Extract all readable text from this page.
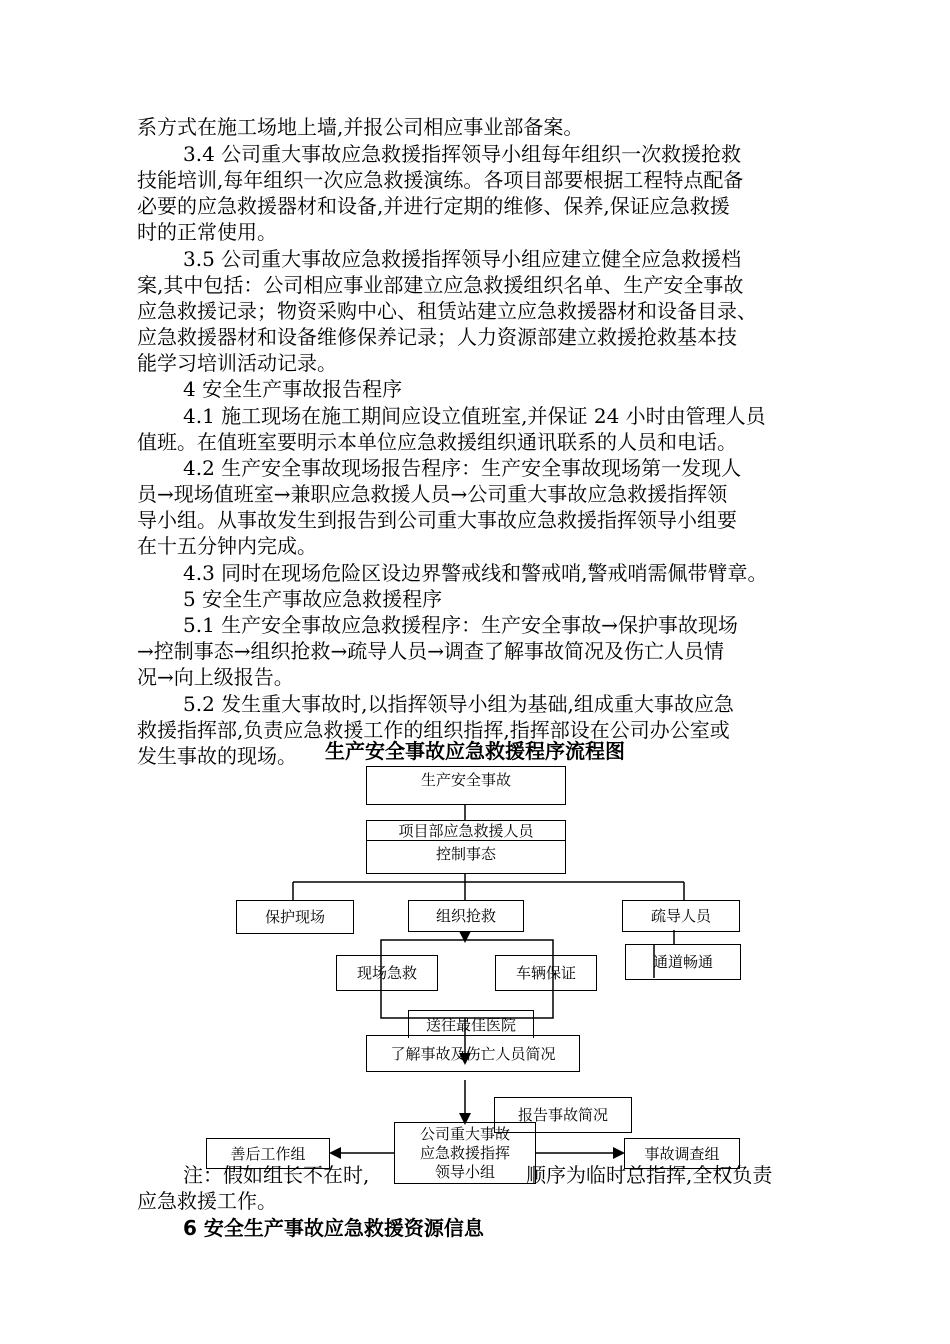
系方式在施工场地上墙,并报公司相应事业部备案。
3.4 公司重大事故应急救援指挥领导小组每年组织一次救援抢救
技能培训,每年组织一次应急救援演练。各项目部要根据工程特点配备
必要的应急救援器材和设备,并进行定期的维修、保养,保证应急救援
时的正常使用。
3.5 公司重大事故应急救援指挥领导小组应建立健全应急救援档
案,其中包括：公司相应事业部建立应急救援组织名单、生产安全事故
应急救援记录；物资采购中心、租赁站建立应急救援器材和设备目录、
应急救援器材和设备维修保养记录；人力资源部建立救援抢救基本技
能学习培训活动记录。
4 安全生产事故报告程序
4.1 施工现场在施工期间应设立值班室,并保证 24 小时由管理人员
值班。在值班室要明示本单位应急救援组织通讯联系的人员和电话。
4.2 生产安全事故现场报告程序：生产安全事故现场第一发现人
员→现场值班室→兼职应急救援人员→公司重大事故应急救援指挥领
导小组。从事故发生到报告到公司重大事故应急救援指挥领导小组要
在十五分钟内完成。
4.3 同时在现场危险区设边界警戒线和警戒哨,警戒哨需佩带臂章。
5 安全生产事故应急救援程序
5.1 生产安全事故应急救援程序：生产安全事故→保护事故现场
→控制事态→组织抢救→疏导人员→调查了解事故简况及伤亡人员情
况→向上级报告。
5.2 发生重大事故时,以指挥领导小组为基础,组成重大事故应急
救援指挥部,负责应急救援工作的组织指挥,指挥部设在公司办公室或
发生事故的现场。	生产安全事故应急救援程序流程图
注：假如组长不在时,	顺序为临时总指挥,全权负责
应急救援工作。
6 安全生产事故应急救援资源信息
生产安全事故
项目部应急救援人员
控制事态
保护现场	组织抢救	疏导人员
现场急救	车辆保证
通道畅通
送往最佳医院
了解事故及伤亡人员简况
报告事故简况
善后工作组
公司重大事故应急救援指挥领导小组
事故调查组
